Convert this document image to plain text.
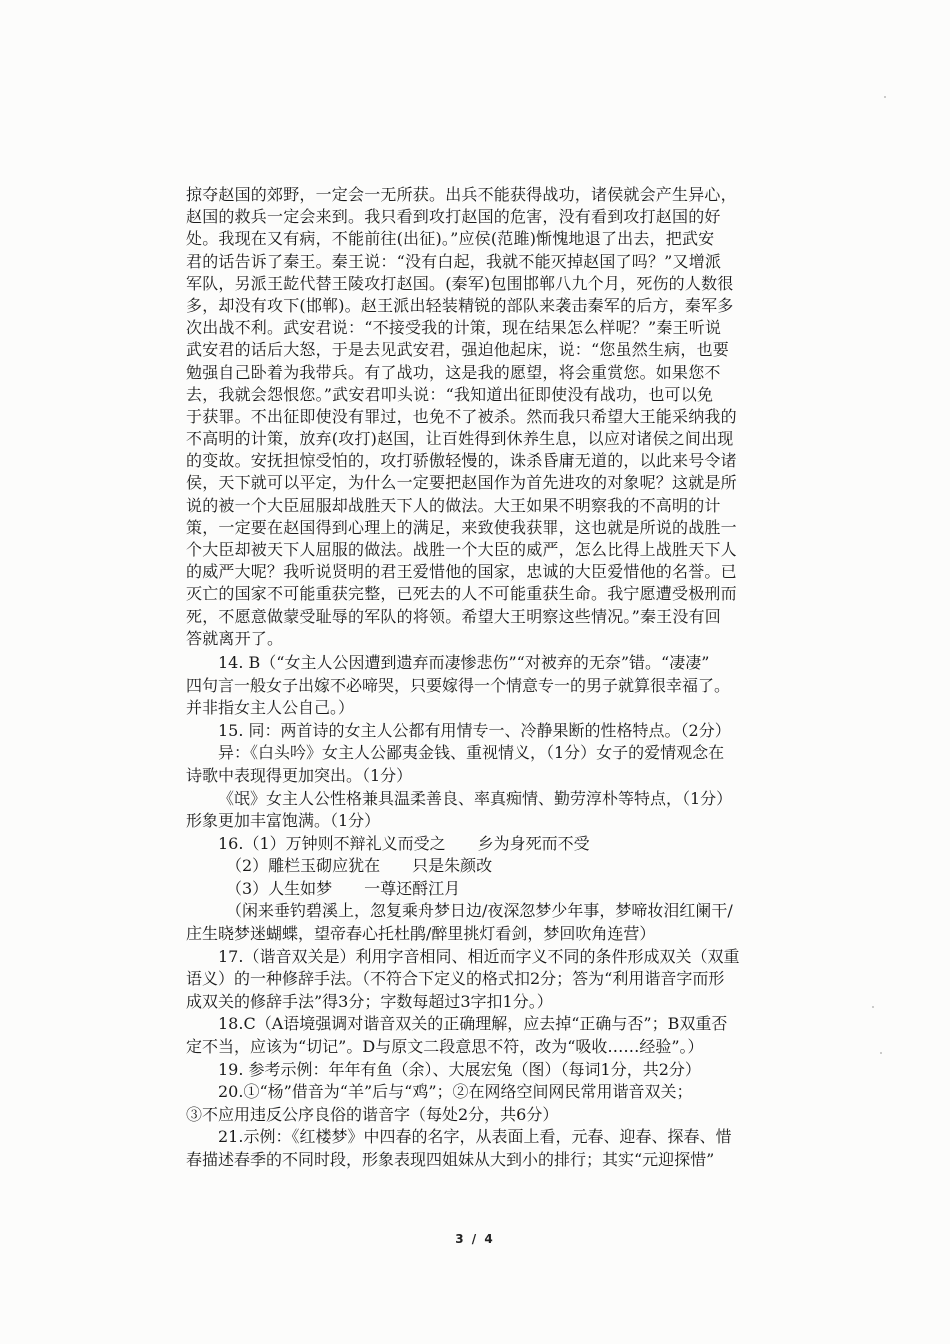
掠夺赵国的郊野，一定会一无所获。出兵不能获得战功，诸侯就会产生异心，
赵国的救兵一定会来到。我只看到攻打赵国的危害，没有看到攻打赵国的好
处。我现在又有病，不能前往(出征)。”应侯(范雎)惭愧地退了出去，把武安
君的话告诉了秦王。秦王说：“没有白起，我就不能灭掉赵国了吗？”又增派
军队，另派王龁代替王陵攻打赵国。(秦军)包围邯郸八九个月，死伤的人数很
多，却没有攻下(邯郸)。赵王派出轻装精锐的部队来袭击秦军的后方，秦军多
次出战不利。武安君说：“不接受我的计策，现在结果怎么样呢？”秦王听说
武安君的话后大怒，于是去见武安君，强迫他起床，说：“您虽然生病，也要
勉强自己卧着为我带兵。有了战功，这是我的愿望，将会重赏您。如果您不
去，我就会怨恨您。”武安君叩头说：“我知道出征即使没有战功，也可以免
于获罪。不出征即使没有罪过，也免不了被杀。然而我只希望大王能采纳我的
不高明的计策，放弃(攻打)赵国，让百姓得到休养生息，以应对诸侯之间出现
的变故。安抚担惊受怕的，攻打骄傲轻慢的，诛杀昏庸无道的，以此来号令诸
侯，天下就可以平定，为什么一定要把赵国作为首先进攻的对象呢？这就是所
说的被一个大臣屈服却战胜天下人的做法。大王如果不明察我的不高明的计
策，一定要在赵国得到心理上的满足，来致使我获罪，这也就是所说的战胜一
个大臣却被天下人屈服的做法。战胜一个大臣的威严，怎么比得上战胜天下人
的威严大呢？我听说贤明的君王爱惜他的国家，忠诚的大臣爱惜他的名誉。已
灭亡的国家不可能重获完整，已死去的人不可能重获生命。我宁愿遭受极刑而
死，不愿意做蒙受耻辱的军队的将领。希望大王明察这些情况。”秦王没有回
答就离开了。

14. B（“女主人公因遭到遗弃而凄惨悲伤”“对被弃的无奈”错。“凄凄”

四句言一般女子出嫁不必啼哭，只要嫁得一个情意专一的男子就算很幸福了。

并非指女主人公自己。）

15. 同：两首诗的女主人公都有用情专一、冷静果断的性格特点。（2分）

异：《白头吟》女主人公鄙夷金钱、重视情义，（1分）女子的爱情观念在

诗歌中表现得更加突出。（1分）

《氓》女主人公性格兼具温柔善良、率真痴情、勤劳淳朴等特点，（1分）

形象更加丰富饱满。（1分）

16.（1）万钟则不辩礼义而受之　　乡为身死而不受

（2）雕栏玉砌应犹在　　只是朱颜改

（3）人生如梦　　一尊还酹江月

（闲来垂钓碧溪上，忽复乘舟梦日边/夜深忽梦少年事，梦啼妆泪红阑干/

庄生晓梦迷蝴蝶，望帝春心托杜鹃/醉里挑灯看剑，梦回吹角连营）

17.（谐音双关是）利用字音相同、相近而字义不同的条件形成双关（双重

语义）的一种修辞手法。（不符合下定义的格式扣2分；答为“利用谐音字而形

成双关的修辞手法”得3分；字数每超过3字扣1分。）

18.C（A语境强调对谐音双关的正确理解，应去掉“正确与否”；B双重否

定不当，应该为“切记”。D与原文二段意思不符，改为“吸收……经验”。）

19. 参考示例：年年有鱼（余）、大展宏兔（图）（每词1分，共2分）

20.①“杨”借音为“羊”后与“鸡”；②在网络空间网民常用谐音双关；

③不应用违反公序良俗的谐音字（每处2分，共6分）

21.示例：《红楼梦》中四春的名字，从表面上看，元春、迎春、探春、惜

春描述春季的不同时段，形象表现四姐妹从大到小的排行；其实“元迎探惜”

3 / 4
